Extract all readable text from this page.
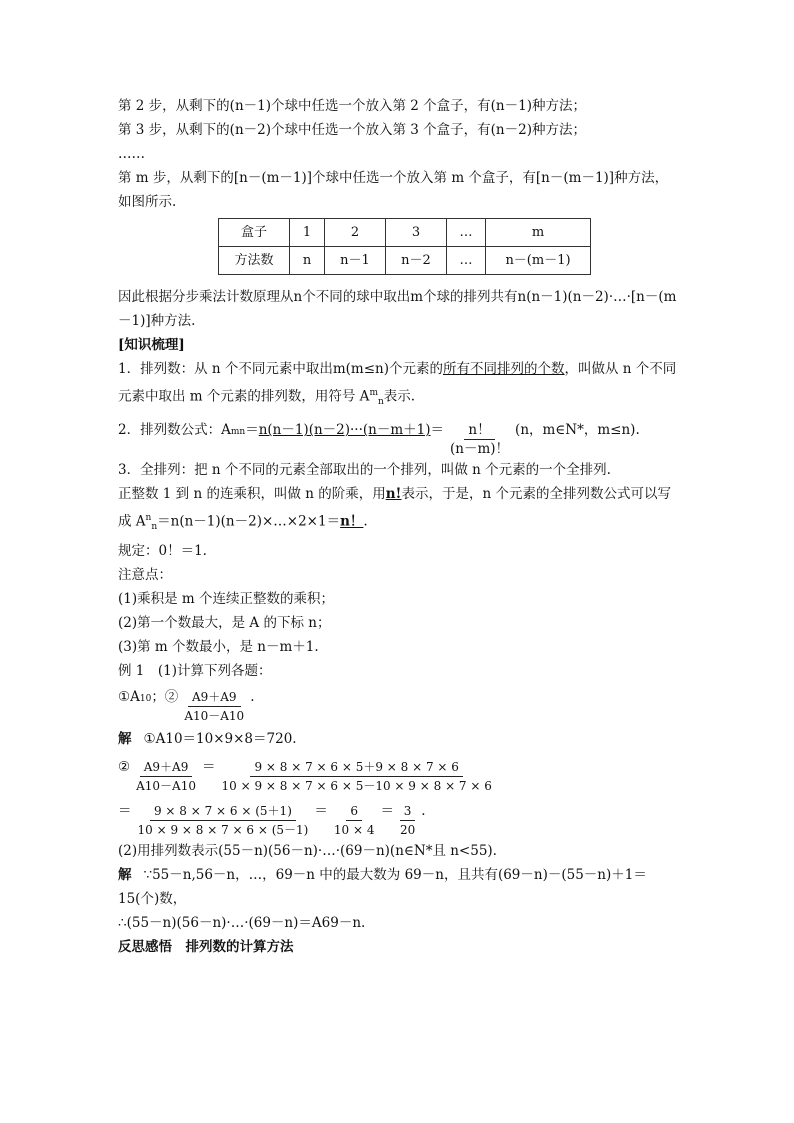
第 2 步，从剩下的(n－1)个球中任选一个放入第 2 个盒子，有(n－1)种方法；
第 3 步，从剩下的(n－2)个球中任选一个放入第 3 个盒子，有(n－2)种方法；
……
第 m 步，从剩下的[n－(m－1)]个球中任选一个放入第 m 个盒子，有[n－(m－1)]种方法，如图所示.
盒子	1	2	3	…	m
方法数	n	n－1	n－2	…	n－(m－1)
因此根据分步乘法计数原理从n个不同的球中取出m个球的排列共有n(n－1)(n－2)·…·[n－(m－1)]种方法.
[知识梳理]
1．排列数：从 n 个不同元素中取出m(m≤n)个元素的所有不同排列的个数，叫做从 n 个不同元素中取出 m 个元素的排列数，用符号 $A^m_n$表示.
2．排列数公式：A m $n = n(n-1)(n-2)\cdot\cdot\cdot(n-m+1) = \frac{n!}{(n-m)!} (n$，m∈N*，m≤n).
3．全排列：把 n 个不同的元素全部取出的一个排列，叫做 n 个元素的一个全排列.
正整数 1 到 n 的连乘积，叫做 n 的阶乘，用n!表示，于是，n 个元素的全排列数公式可以写成 $A^n_n=n(n-1)(n-2)\times\dots\times 2\times 1=n$！.
规定：0！＝1.
注意点：
(1)乘积是 m 个连续正整数的乘积；
(2)第一个数最大，是 A 的下标 n；
(3)第 m 个数最小，是 n－m＋1.
例 1　(1)计算下列各题：
①A 10 ；② $\frac{A9+A9}{A10-A10}$ .
解 ①A10＝10×9×8＝720.
② $\frac{A9+A9}{A10-A10} = \frac{9 \times 8 \times 7 \times 6 \times 5+9 \times 8 \times 7 \times 6}{10 \times 9 \times 8 \times 7 \times 6 \times 5-10 \times 9 \times 8 \times 7 \times 6}$
＝ $\frac{9 \times 8 \times 7 \times 6 \times (5+1)}{10 \times 9 \times 8 \times 7 \times 6 \times (5-1)} = \frac{6}{10 \times 4} = \frac{3}{20}$ .
(2)用排列数表示(55－n)(56－n)·…·(69－n)(n∈N*且 n<55).
解 ∵55－n,56－n，…，69－n 中的最大数为 69－n，且共有(69－n)－(55－n)＋1＝15(个)数，
∴(55－n)(56－n)·…·(69－n)＝A69－n.
反思感悟　排列数的计算方法
